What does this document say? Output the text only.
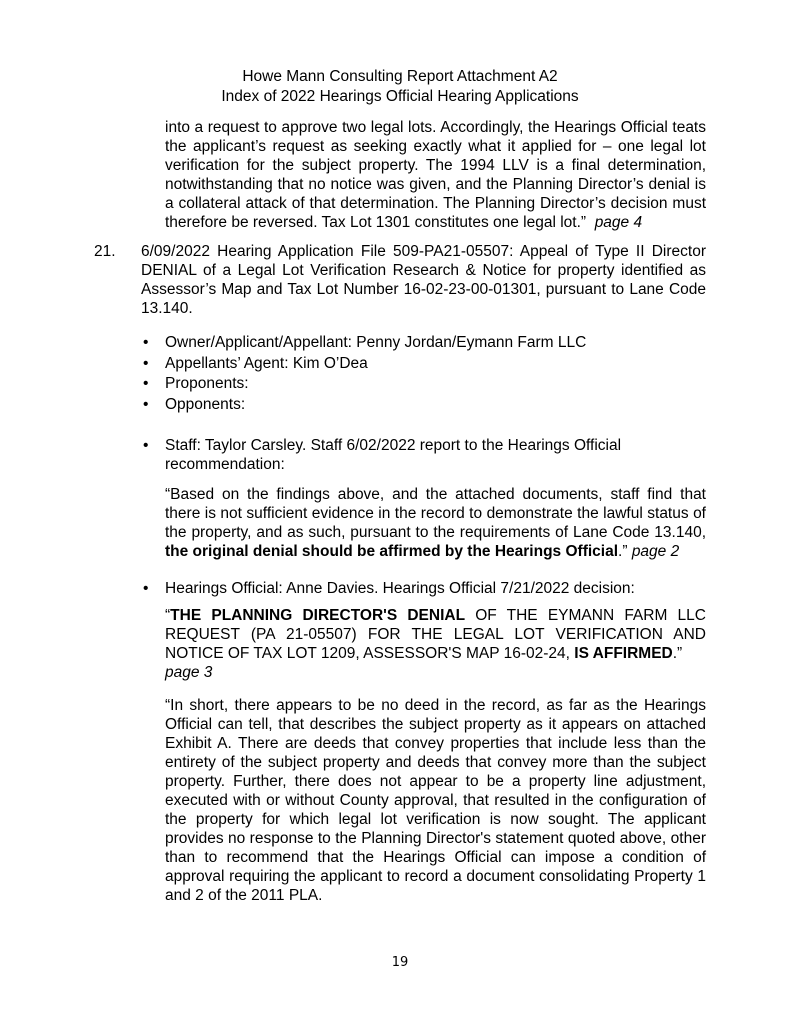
Howe Mann Consulting Report Attachment A2
Index of 2022 Hearings Official Hearing Applications
into a request to approve two legal lots. Accordingly, the Hearings Official teats the applicant’s request as seeking exactly what it applied for – one legal lot verification for the subject property. The 1994 LLV is a final determination, notwithstanding that no notice was given, and the Planning Director’s denial is a collateral attack of that determination. The Planning Director’s decision must therefore be reversed. Tax Lot 1301 constitutes one legal lot.” page 4
21. 6/09/2022 Hearing Application File 509-PA21-05507: Appeal of Type II Director DENIAL of a Legal Lot Verification Research & Notice for property identified as Assessor’s Map and Tax Lot Number 16-02-23-00-01301, pursuant to Lane Code 13.140.
• Owner/Applicant/Appellant: Penny Jordan/Eymann Farm LLC
• Appellants’ Agent: Kim O’Dea
• Proponents:
• Opponents:
• Staff: Taylor Carsley. Staff 6/02/2022 report to the Hearings Official recommendation:
“Based on the findings above, and the attached documents, staff find that there is not sufficient evidence in the record to demonstrate the lawful status of the property, and as such, pursuant to the requirements of Lane Code 13.140, the original denial should be affirmed by the Hearings Official.” page 2
• Hearings Official: Anne Davies. Hearings Official 7/21/2022 decision:
“THE PLANNING DIRECTOR'S DENIAL OF THE EYMANN FARM LLC REQUEST (PA 21-05507) FOR THE LEGAL LOT VERIFICATION AND NOTICE OF TAX LOT 1209, ASSESSOR'S MAP 16-02-24, IS AFFIRMED.”
page 3
“In short, there appears to be no deed in the record, as far as the Hearings Official can tell, that describes the subject property as it appears on attached Exhibit A. There are deeds that convey properties that include less than the entirety of the subject property and deeds that convey more than the subject property. Further, there does not appear to be a property line adjustment, executed with or without County approval, that resulted in the configuration of the property for which legal lot verification is now sought. The applicant provides no response to the Planning Director's statement quoted above, other than to recommend that the Hearings Official can impose a condition of approval requiring the applicant to record a document consolidating Property 1 and 2 of the 2011 PLA.
19
